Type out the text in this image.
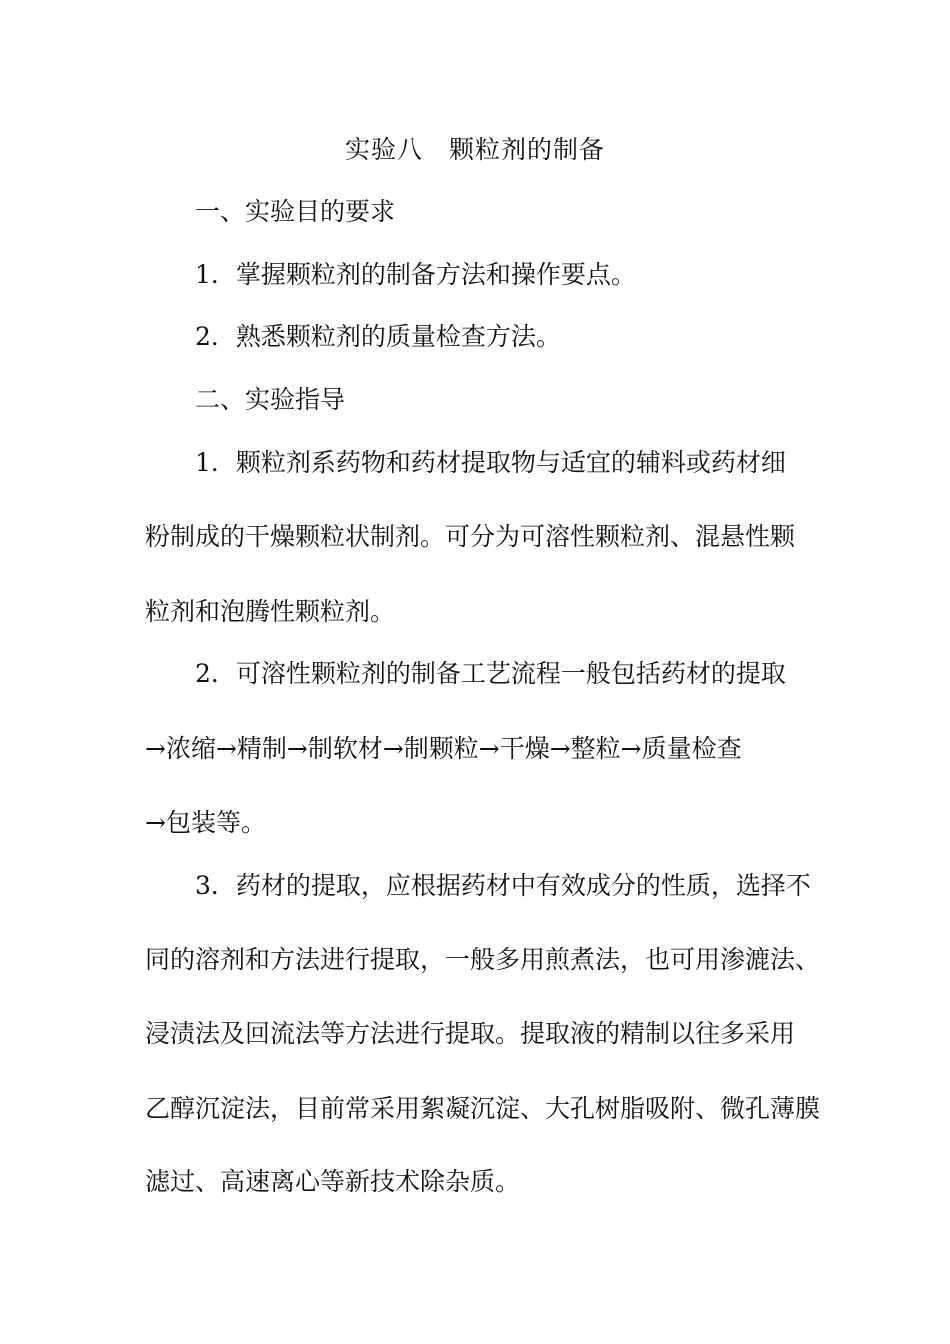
实验八　颗粒剂的制备
一、实验目的要求
1．掌握颗粒剂的制备方法和操作要点。
2．熟悉颗粒剂的质量检查方法。
二、实验指导
1．颗粒剂系药物和药材提取物与适宜的辅料或药材细
粉制成的干燥颗粒状制剂。可分为可溶性颗粒剂、混悬性颗
粒剂和泡腾性颗粒剂。
2．可溶性颗粒剂的制备工艺流程一般包括药材的提取
→浓缩→精制→制软材→制颗粒→干燥→整粒→质量检查
→包装等。
3．药材的提取，应根据药材中有效成分的性质，选择不
同的溶剂和方法进行提取，一般多用煎煮法，也可用渗漉法、
浸渍法及回流法等方法进行提取。提取液的精制以往多采用
乙醇沉淀法，目前常采用絮凝沉淀、大孔树脂吸附、微孔薄膜
滤过、高速离心等新技术除杂质。
